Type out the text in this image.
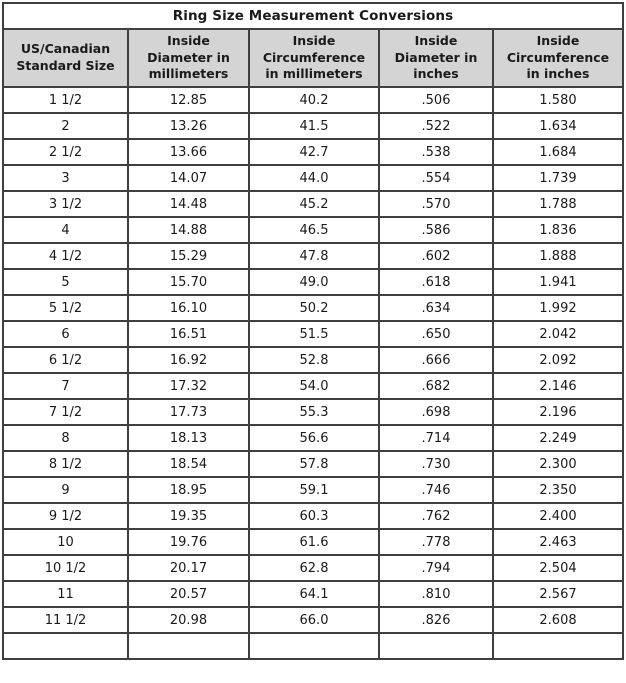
Ring Size Measurement Conversions				
US/Canadian Standard Size	Inside Diameter in millimeters	Inside Circumference in millimeters	Inside Diameter in inches	Inside Circumference in inches
1 1/2	12.85	40.2	.506	1.580
2	13.26	41.5	.522	1.634
2 1/2	13.66	42.7	.538	1.684
3	14.07	44.0	.554	1.739
3 1/2	14.48	45.2	.570	1.788
4	14.88	46.5	.586	1.836
4 1/2	15.29	47.8	.602	1.888
5	15.70	49.0	.618	1.941
5 1/2	16.10	50.2	.634	1.992
6	16.51	51.5	.650	2.042
6 1/2	16.92	52.8	.666	2.092
7	17.32	54.0	.682	2.146
7 1/2	17.73	55.3	.698	2.196
8	18.13	56.6	.714	2.249
8 1/2	18.54	57.8	.730	2.300
9	18.95	59.1	.746	2.350
9 1/2	19.35	60.3	.762	2.400
10	19.76	61.6	.778	2.463
10 1/2	20.17	62.8	.794	2.504
11	20.57	64.1	.810	2.567
11 1/2	20.98	66.0	.826	2.608
